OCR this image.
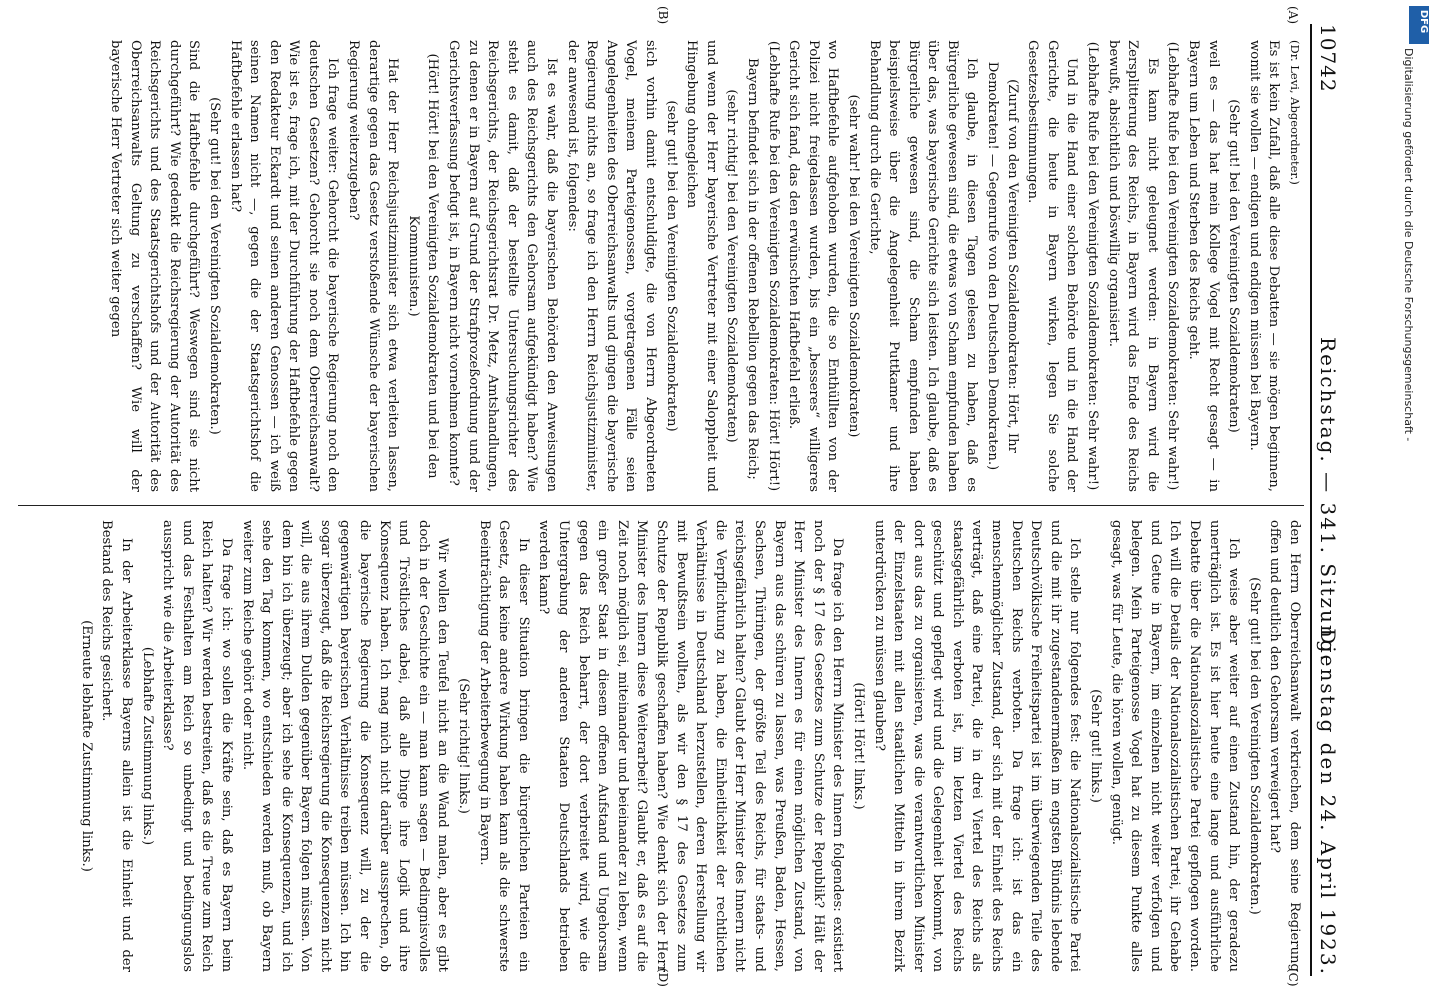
10742
Reichstag. — 341. Sitzung.
Dienstag den 24. April 1923.
(A)
(B)
(C)
(D)

(Dr. Levi, Abgeordneter.)

Es ist kein Zufall, daß alle diese Debatten — sie mögen beginnen, womit sie wollen — endigen und endigen müssen bei Bayern.

(Sehr gut! bei den Vereinigten Sozialdemokraten)

weil es — das hat mein Kollege Vogel mit Recht gesagt — in Bayern um Leben und Sterben des Reichs geht.

(Lebhafte Rufe bei den Vereinigten Sozialdemokraten: Sehr wahr!)

Es kann nicht geleugnet werden: in Bayern wird die Zersplitterung des Reichs, in Bayern wird das Ende des Reichs bewußt, absichtlich und böswillig organisiert.

(Lebhafte Rufe bei den Vereinigten Sozialdemokraten: Sehr wahr!)

Und in die Hand einer solchen Behörde und in die Hand der Gerichte, die heute in Bayern wirken, legen Sie solche Gesetzesbestimmungen.

(Zuruf von den Vereinigten Sozialdemokraten: Hört, Ihr Demokraten! — Gegenrufe von den Deutschen Demokraten.)

Ich glaube, in diesen Tagen gelesen zu haben, daß es Bürgerliche gewesen sind, die etwas von Scham empfunden haben über das, was bayerische Gerichte sich leisten. Ich glaube, daß es Bürgerliche gewesen sind, die Scham empfunden haben beispielsweise über die Angelegenheit Puttkamer und ihre Behandlung durch die Gerichte,

(sehr wahr! bei den Vereinigten Sozialdemokraten)

wo Haftbefehle aufgehoben wurden, die so Enthüllten von der Polizei nicht freigelassen wurden, bis ein „besseres“ willigeres Gericht sich fand, das den erwünschten Haftbefehl erließ.

(Lebhafte Rufe bei den Vereinigten Sozialdemokraten: Hört! Hört!)

Bayern befindet sich in der offenen Rebellion gegen das Reich;

(sehr richtig! bei den Vereinigten Sozialdemokraten)

und wenn der Herr bayerische Vertreter mit einer Saloppheit und Hingebung ohnegleichen

(sehr gut! bei den Vereinigten Sozialdemokraten)

sich vorhin damit entschuldigte, die von Herrn Abgeordneten Vogel, meinem Parteigenossen, vorgetragenen Fälle seien Angelegenheiten des Oberreichsanwalts und gingen die bayerische Regierung nichts an, so frage ich den Herrn Reichsjustizminister, der anwesend ist, folgendes:

Ist es wahr, daß die bayerischen Behörden den Anweisungen auch des Reichsgerichts den Gehorsam aufgekündigt haben? Wie steht es damit, daß der bestellte Untersuchungsrichter des Reichsgerichts, der Reichsgerichtsrat Dr. Metz, Amtshandlungen, zu denen er in Bayern auf Grund der Strafprozeßordnung und der Gerichtsverfassung befugt ist, in Bayern nicht vornehmen konnte?

(Hört! Hört! bei den Vereinigten Sozialdemokraten und bei den Kommunisten.)

Hat der Herr Reichsjustizminister sich etwa verleiten lassen, derartige gegen das Gesetz verstoßende Wünsche der bayerischen Regierung weiterzugeben?

Ich frage weiter: Gehorcht die bayerische Regierung noch den deutschen Gesetzen? Gehorcht sie noch dem Oberreichsanwalt? Wie ist es, frage ich, mit der Durchführung der Haftbefehle gegen den Redakteur Eckardt und seinen anderen Genossen — ich weiß seinen Namen nicht —, gegen die der Staatsgerichtshof die Haftbefehle erlassen hat?

(Sehr gut! bei den Vereinigten Sozialdemokraten.)

Sind die Haftbefehle durchgeführt? Weswegen sind sie nicht durchgeführt? Wie gedenkt die Reichsregierung der Autorität des Reichsgerichts und des Staatsgerichtshofs und der Autorität des Oberreichsanwalts Geltung zu verschaffen? Wie will der bayerische Herr Vertreter sich weiter gegen

den Herrn Oberreichsanwalt verkriechen, dem seine Regierung offen und deutlich den Gehorsam verweigert hat?

(Sehr gut! bei den Vereinigten Sozialdemokraten.)

Ich weise aber weiter auf einen Zustand hin, der geradezu unerträglich ist. Es ist hier heute eine lange und ausführliche Debatte über die Nationalsozialistische Partei gepflogen worden. Ich will die Details der Nationalsozialistischen Partei, ihr Gehabe und Getue in Bayern, im einzelnen nicht weiter verfolgen und belegen. Mein Parteigenosse Vogel hat zu diesem Punkte alles gesagt, was für Leute, die hören wollen, genügt.

(Sehr gut! links.)

Ich stelle nur folgendes fest: die Nationalsozialistische Partei und die mit ihr zugestandenermaßen im engsten Bündnis lebende Deutschvölkische Freiheitspartei ist im überwiegenden Teile des Deutschen Reichs verboten. Da frage ich: ist das ein menschenmöglicher Zustand, der sich mit der Einheit des Reichs verträgt, daß eine Partei, die in drei Viertel des Reichs als staatsgefährlich verboten ist, im letzten Viertel des Reichs geschützt und gepflegt wird und die Gelegenheit bekommt, von dort aus das zu organisieren, was die verantwortlichen Minister der Einzelstaaten mit allen staatlichen Mitteln in ihrem Bezirk unterdrücken zu müssen glauben?

(Hört! Hört! links.)

Da frage ich den Herrn Minister des Innern folgendes: existiert noch der § 17 des Gesetzes zum Schutze der Republik? Hält der Herr Minister des Innern es für einen möglichen Zustand, von Bayern aus das schüren zu lassen, was Preußen, Baden, Hessen, Sachsen, Thüringen, der größte Teil des Reichs, für staats- und reichsgefährlich halten? Glaubt der Herr Minister des Innern nicht die Verpflichtung zu haben, die Einheitlichkeit der rechtlichen Verhältnisse in Deutschland herzustellen, deren Herstellung wir mit Bewußtsein wollten, als wir den § 17 des Gesetzes zum Schutze der Republik geschaffen haben? Wie denkt sich der Herr Minister des Innern diese Weiterarbeit? Glaubt er, daß es auf die Zeit noch möglich sei, miteinander und beieinander zu leben, wenn ein großer Staat in diesem offenen Aufstand und Ungehorsam gegen das Reich beharrt, der dort verbreitet wird, wie die Untergrabung der anderen Staaten Deutschlands betrieben werden kann?

In dieser Situation bringen die bürgerlichen Parteien ein Gesetz, das keine andere Wirkung haben kann als die schwerste Beeinträchtigung der Arbeiterbewegung in Bayern.

(Sehr richtig! links.)

Wir wollen den Teufel nicht an die Wand malen, aber es gibt doch in der Geschichte ein — man kann sagen — Bedingnisvolles und Tröstliches dabei, daß alle Dinge ihre Logik und ihre Konsequenz haben. Ich mag mich nicht darüber aussprechen, ob die bayerische Regierung die Konsequenz will, zu der die gegenwärtigen bayerischen Verhältnisse treiben müssen. Ich bin sogar überzeugt, daß die Reichsregierung die Konsequenzen nicht will, die aus ihrem Dulden gegenüber Bayern folgen müssen. Von dem bin ich überzeugt; aber ich sehe die Konsequenzen, und ich sehe den Tag kommen, wo entschieden werden muß, ob Bayern weiter zum Reiche gehört oder nicht.

Da frage ich: wo sollen die Kräfte sein, daß es Bayern beim Reich halten? Wir werden bestreiten, daß es die Treue zum Reich und das Festhalten am Reich so unbedingt und bedingungslos ausspricht wie die Arbeiterklasse?

(Lebhafte Zustimmung links.)

In der Arbeiterklasse Bayerns allein ist die Einheit und der Bestand des Reichs gesichert.

(Erneute lebhafte Zustimmung links.)

DFG
Digitalisierung gefördert durch die Deutsche Forschungsgemeinschaft -
